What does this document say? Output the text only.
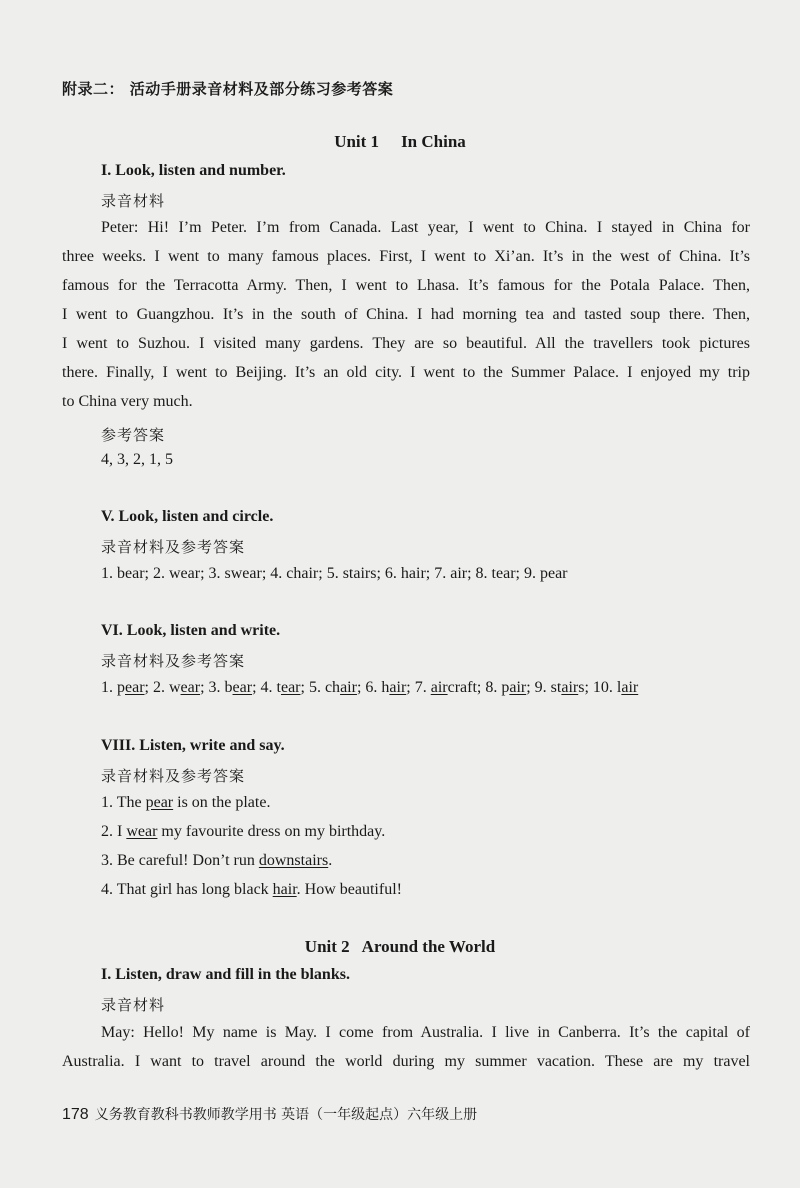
附录二： 活动手册录音材料及部分练习参考答案
Unit 1 In China
I. Look, listen and number.
录音材料
Peter: Hi! I’m Peter. I’m from Canada. Last year, I went to China. I stayed in China for
three weeks. I went to many famous places. First, I went to Xi’an. It’s in the west of China. It’s
famous for the Terracotta Army. Then, I went to Lhasa. It’s famous for the Potala Palace. Then,
I went to Guangzhou. It’s in the south of China. I had morning tea and tasted soup there. Then,
I went to Suzhou. I visited many gardens. They are so beautiful. All the travellers took pictures
there. Finally, I went to Beijing. It’s an old city. I went to the Summer Palace. I enjoyed my trip
to China very much.
参考答案
4, 3, 2, 1, 5
V. Look, listen and circle.
录音材料及参考答案
1. bear; 2. wear; 3. swear; 4. chair; 5. stairs; 6. hair; 7. air; 8. tear; 9. pear
VI. Look, listen and write.
录音材料及参考答案
1. pear; 2. wear; 3. bear; 4. tear; 5. chair; 6. hair; 7. aircraft; 8. pair; 9. stairs; 10. lair
VIII. Listen, write and say.
录音材料及参考答案
1. The pear is on the plate.
2. I wear my favourite dress on my birthday.
3. Be careful! Don’t run downstairs.
4. That girl has long black hair. How beautiful!
Unit 2 Around the World
I. Listen, draw and fill in the blanks.
录音材料
May: Hello! My name is May. I come from Australia. I live in Canberra. It’s the capital of
Australia. I want to travel around the world during my summer vacation. These are my travel
178 义务教育教科书教师教学用书 英语（一年级起点）六年级上册
